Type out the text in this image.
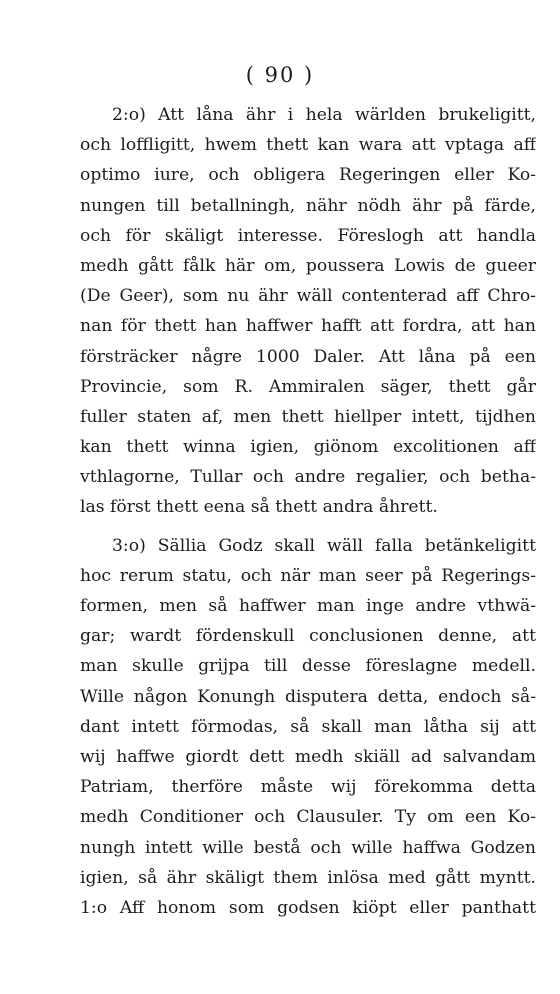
( 90 )
2:o) Att låna ähr i hela wärlden brukeligitt,
och loffligitt, hwem thett kan wara att vptaga aff
optimo iure, och obligera Regeringen eller Ko-
nungen till betallningh, nähr nödh ähr på färde,
och för skäligt interesse. Föreslogh att handla
medh gått fålk här om, poussera Lowis de gueer
(De Geer), som nu ähr wäll contenterad aff Chro-
nan för thett han haffwer hafft att fordra, att han
försträcker någre 1000 Daler. Att låna på een
Provincie, som R. Ammiralen säger, thett går
fuller staten af, men thett hiellper intett, tijdhen
kan thett winna igien, giönom excolitionen aff
vthlagorne, Tullar och andre regalier, och betha-
las först thett eena så thett andra åhrett.
3:o) Sällia Godz skall wäll falla betänkeligitt
hoc rerum statu, och när man seer på Regerings-
formen, men så haffwer man inge andre vthwä-
gar; wardt fördenskull conclusionen denne, att
man skulle grijpa till desse föreslagne medell.
Wille någon Konungh disputera detta, endoch så-
dant intett förmodas, så skall man låtha sij att
wij haffwe giordt dett medh skiäll ad salvandam
Patriam, therföre måste wij förekomma detta
medh Conditioner och Clausuler. Ty om een Ko-
nungh intett wille bestå och wille haffwa Godzen
igien, så ähr skäligt them inlösa med gått myntt.
1:o Aff honom som godsen kiöpt eller panthatt
